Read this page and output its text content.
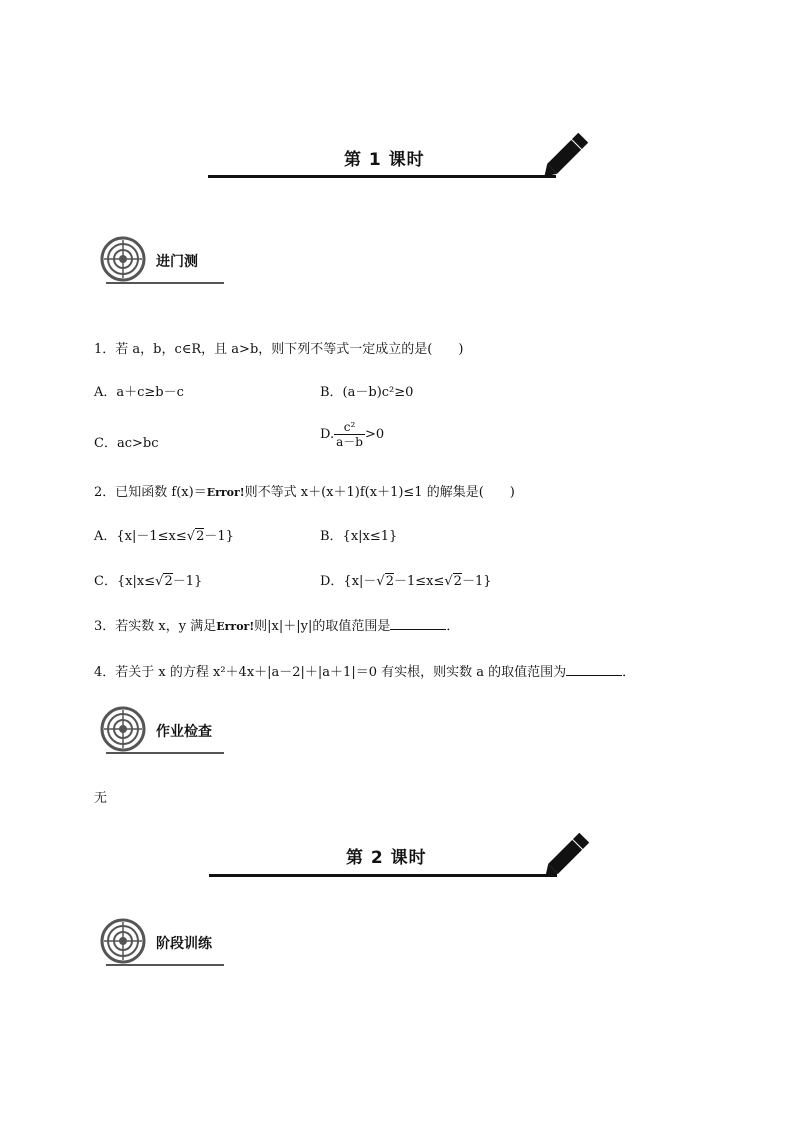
第 1 课时
进门测
1．若 a，b，c∈R，且 a>b，则下列不等式一定成立的是(　　)
A．a＋c≥b－c	B．(a－b)c²≥0
C．ac>bc
D. $\frac{\text{c²}}{a-b} >0$
2．已知函数 f(x)＝Error!则不等式 x＋(x＋1)f(x＋1)≤1 的解集是(　　)
A．{x|－1≤x≤√2－1}	B．{x|x≤1}
C．{x|x≤√2－1}	D．{x|－√2－1≤x≤√2－1}
3．若实数 x，y 满足Error!则|x|＋|y|的取值范围是	．
4．若关于 x 的方程 x²＋4x＋|a－2|＋|a＋1|＝0 有实根，则实数 a 的取值范围为	．
作业检查
无
第 2 课时
阶段训练
